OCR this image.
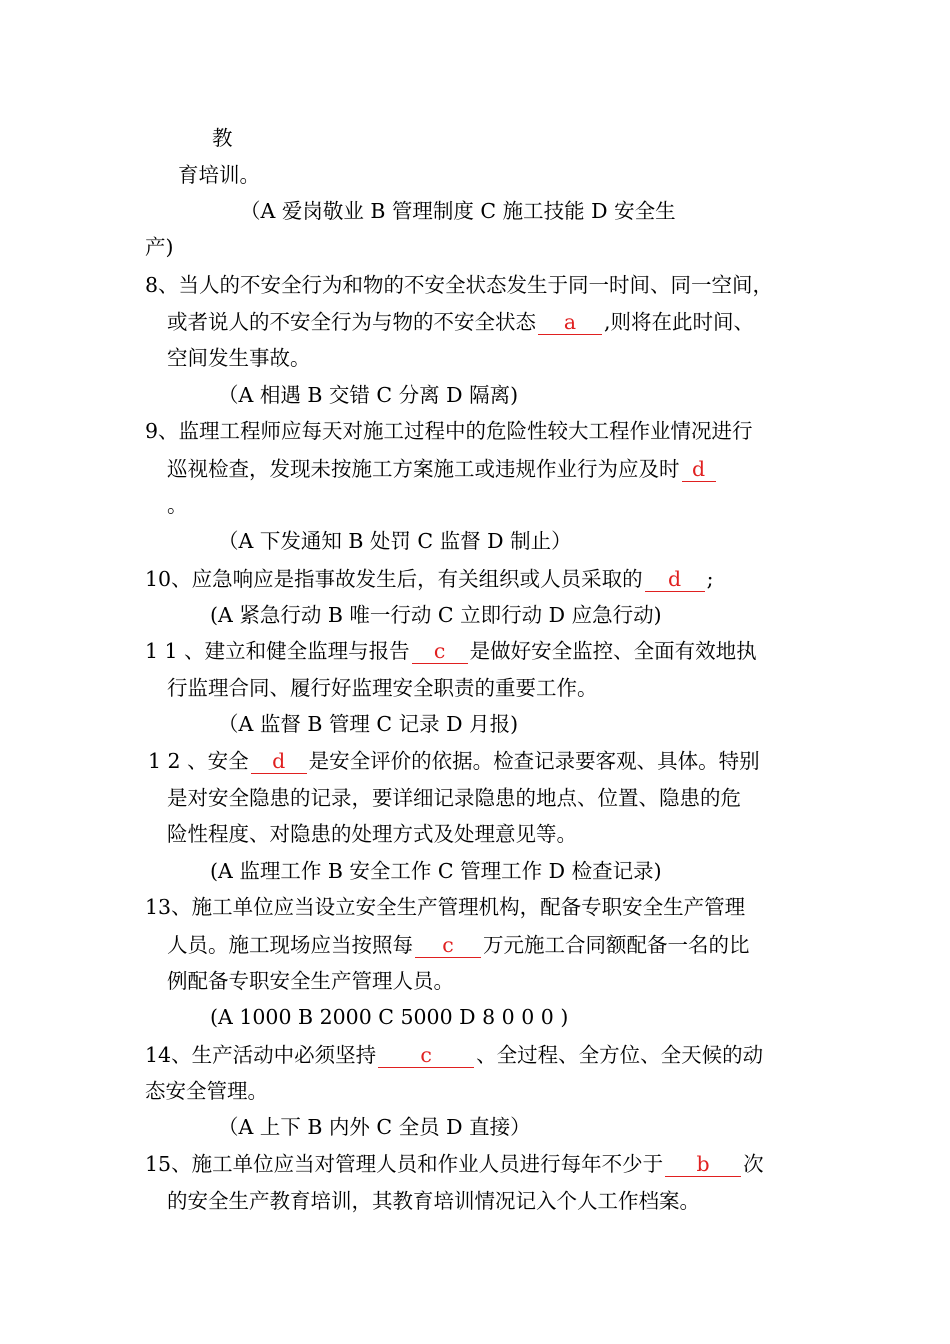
教
育培训。
（A 爱岗敬业 B 管理制度 C 施工技能 D 安全生
产)
8、当人的不安全行为和物的不安全状态发生于同一时间、同一空间，
或者说人的不安全行为与物的不安全状态 a ,则将在此时间、
空间发生事故。
（A 相遇 B 交错 C 分离 D 隔离)
9、监理工程师应每天对施工过程中的危险性较大工程作业情况进行
巡视检查，发现未按施工方案施工或违规作业行为应及时 d
。
（A 下发通知 B 处罚 C 监督 D 制止）
10、应急响应是指事故发生后，有关组织或人员采取的 d ;
(A 紧急行动 B 唯一行动 C 立即行动 D 应急行动)
1 1 、建立和健全监理与报告 c 是做好安全监控、全面有效地执
行监理合同、履行好监理安全职责的重要工作。
（A 监督 B 管理 C 记录 D 月报)
1 2 、安全 d 是安全评价的依据。检查记录要客观、具体。特别
是对安全隐患的记录，要详细记录隐患的地点、位置、隐患的危
险性程度、对隐患的处理方式及处理意见等。
(A 监理工作 B 安全工作 C 管理工作 D 检查记录)
13、施工单位应当设立安全生产管理机构，配备专职安全生产管理
人员。施工现场应当按照每 c 万元施工合同额配备一名的比
例配备专职安全生产管理人员。
(A 1000 B 2000 C 5000 D 8 0 0 0 )
14、生产活动中必须坚持 c 、全过程、全方位、全天候的动
态安全管理。
（A 上下 B 内外 C 全员 D 直接）
15、施工单位应当对管理人员和作业人员进行每年不少于 b 次
的安全生产教育培训，其教育培训情况记入个人工作档案。
